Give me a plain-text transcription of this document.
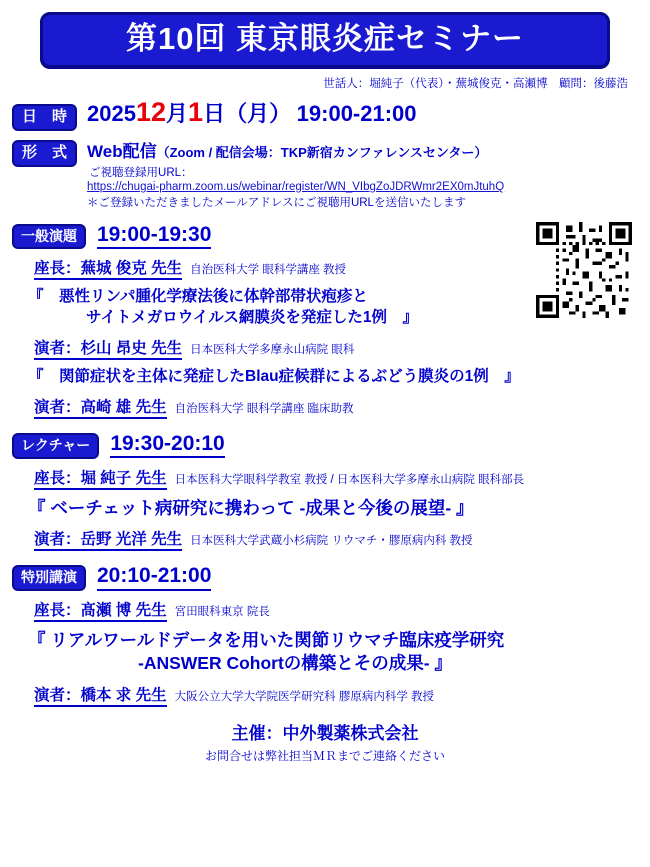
第10回 東京眼炎症セミナー
世話人：堀純子（代表）・蕪城俊克・高瀬博　顧問：後藤浩
日　時 202512月1日（月） 19:00-21:00
形　式	Web配信（Zoom / 配信会場：TKP新宿カンファレンスセンター）
ご視聴登録用URL：
https://chugai-pharm.zoom.us/webinar/register/WN_VIbgZoJDRWmr2EX0mJtuhQ
＊ご登録いただきましたメールアドレスにご視聴用URLを送信いたします
一般演題 19:00-19:30
座長：蕪城 俊克 先生 自治医科大学 眼科学講座 教授
『　悪性リンパ腫化学療法後に体幹部帯状疱疹と
サイトメガロウイルス網膜炎を発症した1例　』
演者：杉山 昂史 先生 日本医科大学多摩永山病院 眼科
『　関節症状を主体に発症したBlau症候群によるぶどう膜炎の1例　』
演者：高崎 雄 先生 自治医科大学 眼科学講座 臨床助教
レクチャー 19:30-20:10
座長：堀 純子 先生 日本医科大学眼科学教室 教授 / 日本医科大学多摩永山病院 眼科部長
『 ベーチェット病研究に携わって -成果と今後の展望- 』
演者：岳野 光洋 先生 日本医科大学武蔵小杉病院 リウマチ・膠原病内科 教授
特別講演 20:10-21:00
座長：髙瀬 博 先生 宮田眼科東京 院長
『 リアルワールドデータを用いた関節リウマチ臨床疫学研究
-ANSWER Cohortの構築とその成果- 』
演者：橋本 求 先生 大阪公立大学大学院医学研究科 膠原病内科学 教授
主催：中外製薬株式会社
お問合せは弊社担当ＭＲまでご連絡ください
